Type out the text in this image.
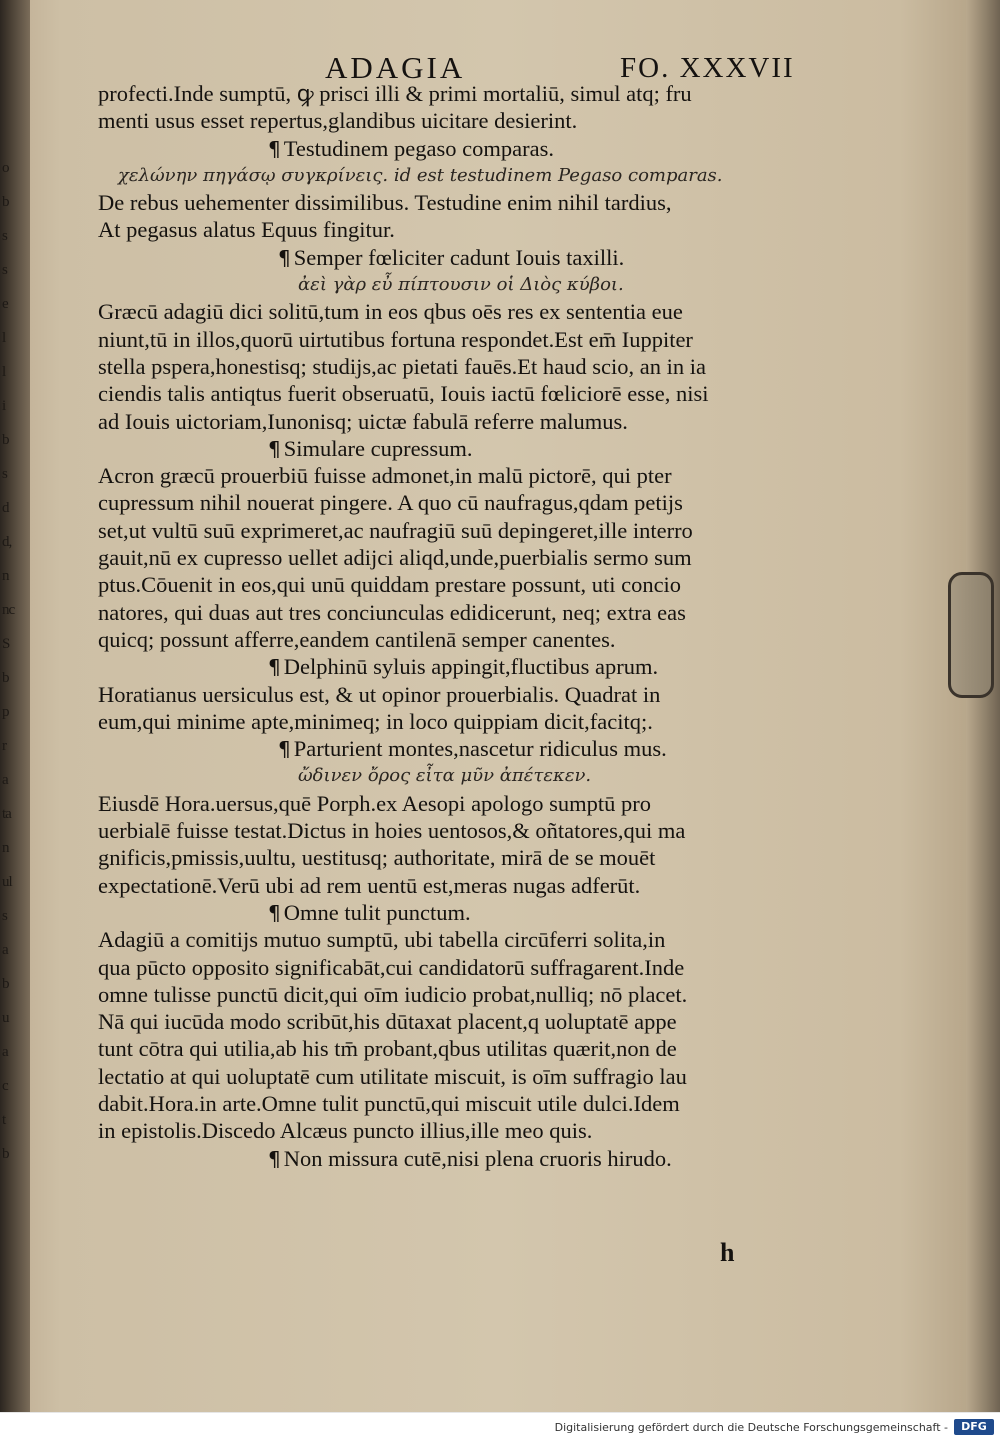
o
b
s
s
e
l
l
i
b
s
d
d,
n
nc
S
b
p
r
a
ta
n
ul
s
a
b
u
a
c
t
b
ADAGIA	FO. XXXVII
profecti.Inde sumptū, ꝙ prisci illi & primi mortaliū, simul atq; fru
menti usus esset repertus,glandibus uicitare desierint.
¶ Testudinem pegaso comparas.
χελώνην πηγάσῳ συγκρίνεις. id est testudinem Pegaso comparas.
De rebus uehementer dissimilibus. Testudine enim nihil tardius,
At pegasus alatus Equus fingitur.
¶ Semper fœliciter cadunt Iouis taxilli.
ἀεὶ γὰρ εὖ πίπτουσιν οἱ Διὸς κύβοι.
Græcū adagiū dici solitū,tum in eos qbus oēs res ex sententia eue
niunt,tū in illos,quorū uirtutibus fortuna respondet.Est em̄ Iuppiter
stella pspera,honestisq; studijs,ac pietati fauēs.Et haud scio, an in ia
ciendis talis antiqtus fuerit obseruatū, Iouis iactū fœliciorē esse, nisi
ad Iouis uictoriam,Iunonisq; uictæ fabulā referre malumus.
¶ Simulare cupressum.
Acron græcū prouerbiū fuisse admonet,in malū pictorē, qui pter
cupressum nihil nouerat pingere. A quo cū naufragus,qdam petijs
set,ut vultū suū exprimeret,ac naufragiū suū depingeret,ille interro
gauit,nū ex cupresso uellet adijci aliqd,unde,puerbialis sermo sum
ptus.Cōuenit in eos,qui unū quiddam prestare possunt, uti concio
natores, qui duas aut tres conciunculas edidicerunt, neq; extra eas
quicq; possunt afferre,eandem cantilenā semper canentes.
¶ Delphinū syluis appingit,fluctibus aprum.
Horatianus uersiculus est, & ut opinor prouerbialis. Quadrat in
eum,qui minime apte,minimeq; in loco quippiam dicit,facitq;.
¶ Parturient montes,nascetur ridiculus mus.
ὤδινεν ὄρος εἶτα μῦν ἀπέτεκεν.
Eiusdē Hora.uersus,quē Porph.ex Aesopi apologo sumptū pro
uerbialē fuisse testat.Dictus in hoies uentosos,& oñtatores,qui ma
gnificis,pmissis,uultu, uestitusq; authoritate, mirā de se mouēt
expectationē.Verū ubi ad rem uentū est,meras nugas adferūt.
¶ Omne tulit punctum.
Adagiū a comitijs mutuo sumptū, ubi tabella circūferri solita,in
qua pūcto opposito significabāt,cui candidatorū suffragarent.Inde
omne tulisse punctū dicit,qui oīm iudicio probat,nulliq; nō placet.
Nā qui iucūda modo scribūt,his dūtaxat placent,q uoluptatē appe
tunt cōtra qui utilia,ab his tm̄ probant,qbus utilitas quærit,non de
lectatio at qui uoluptatē cum utilitate miscuit, is oīm suffragio lau
dabit.Hora.in arte.Omne tulit punctū,qui miscuit utile dulci.Idem
in epistolis.Discedo Alcæus puncto illius,ille meo quis.
¶ Non missura cutē,nisi plena cruoris hirudo.
h
Digitalisierung gefördert durch die Deutsche Forschungsgemeinschaft -	DFG
